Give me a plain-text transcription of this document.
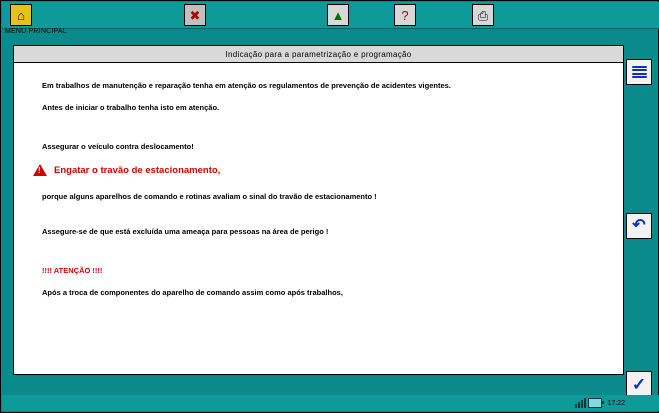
⌂	✖	▲	?	⎙
MENU PRINCIPAL
Indicação para a parametrização e programação

Em trabalhos de manutenção e reparação tenha em atenção os regulamentos de prevenção de acidentes vigentes.

Antes de iniciar o trabalho tenha isto em atenção.

Assegurar o veículo contra deslocamento!

!
Engatar o travão de estacionamento,

porque alguns aparelhos de comando e rotinas avaliam o sinal do travão de estacionamento !

Assegure-se de que está excluída uma ameaça para pessoas na área de perigo !

!!!! ATENÇÃO !!!!

Após a troca de componentes do aparelho de comando assim como após trabalhos,

↶
✓
17:22
